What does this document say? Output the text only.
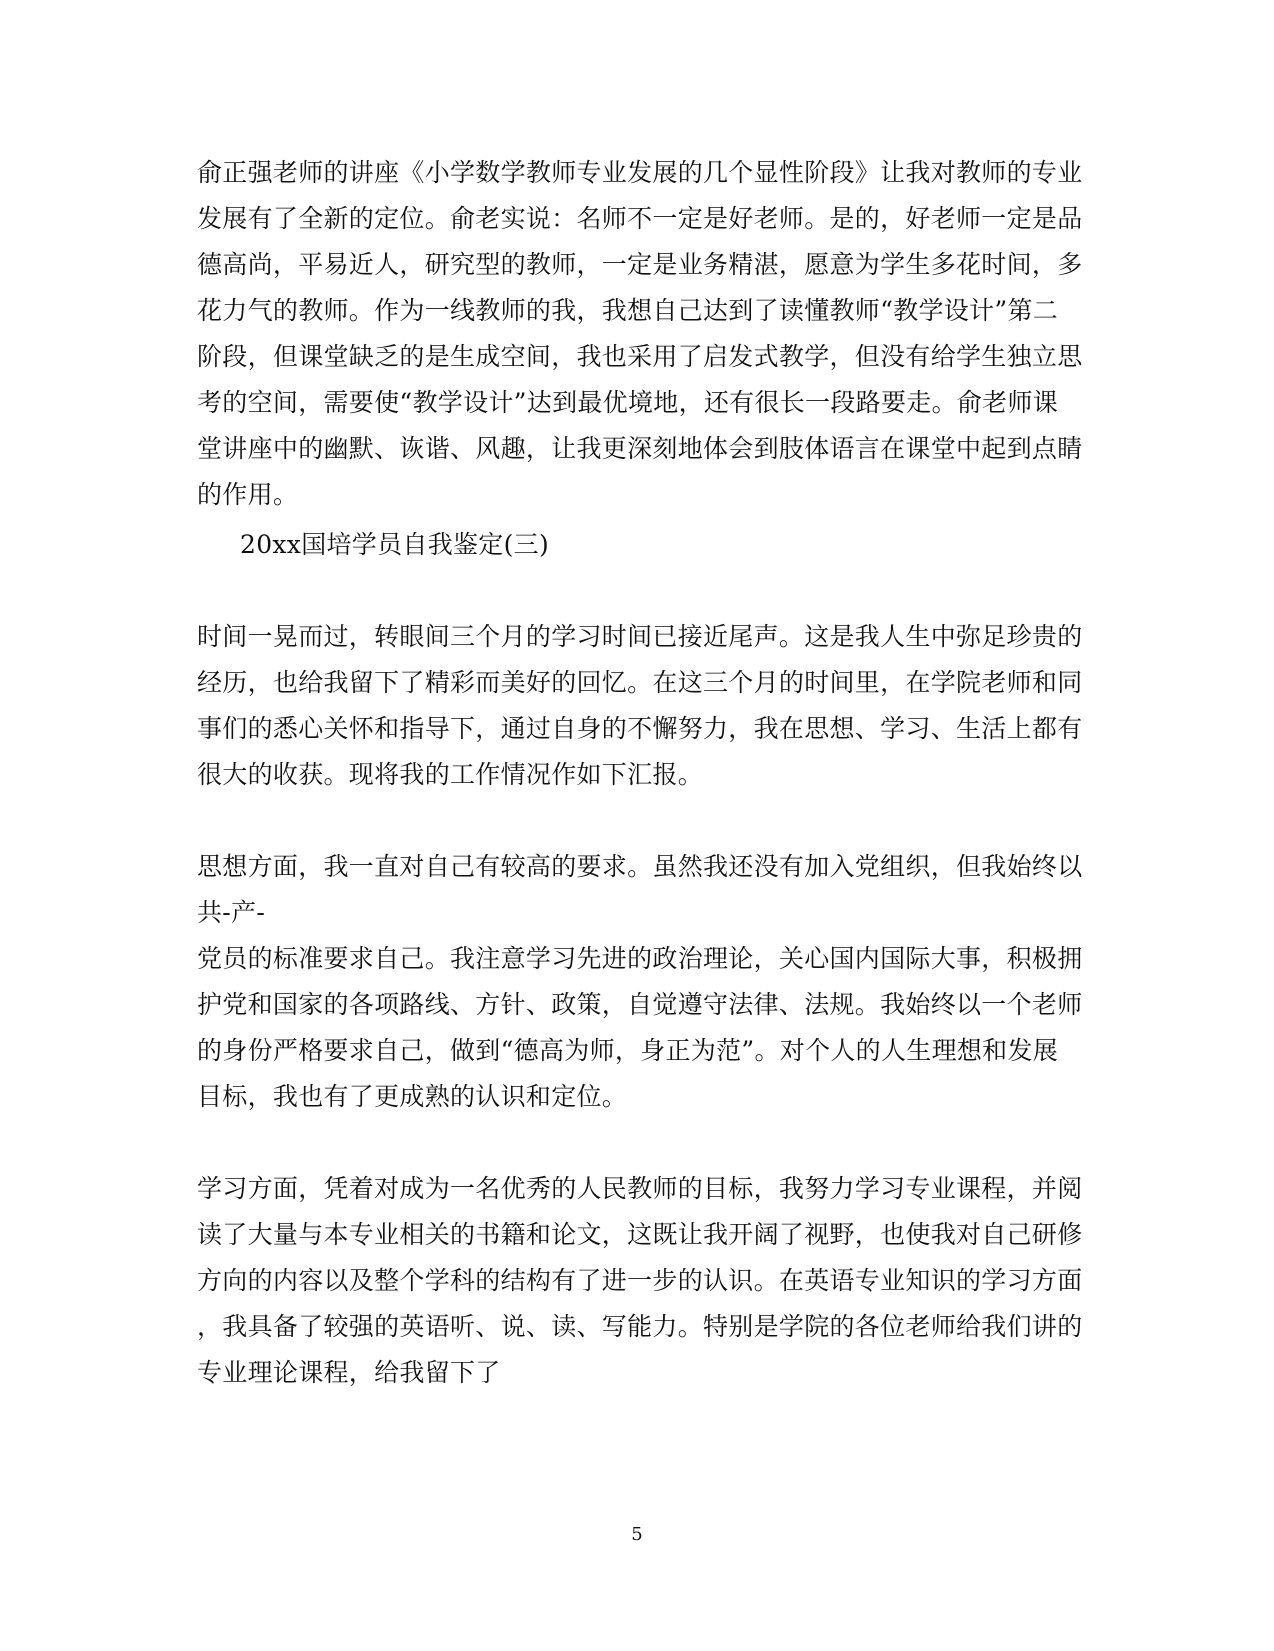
俞正强老师的讲座《小学数学教师专业发展的几个显性阶段》让我对教师的专业
发展有了全新的定位。俞老实说：名师不一定是好老师。是的，好老师一定是品
德高尚，平易近人，研究型的教师，一定是业务精湛，愿意为学生多花时间，多
花力气的教师。作为一线教师的我，我想自己达到了读懂教师“教学设计”第二
阶段，但课堂缺乏的是生成空间，我也采用了启发式教学，但没有给学生独立思
考的空间，需要使“教学设计”达到最优境地，还有很长一段路要走。俞老师课
堂讲座中的幽默、诙谐、风趣，让我更深刻地体会到肢体语言在课堂中起到点睛
的作用。
20xx国培学员自我鉴定(三)
时间一晃而过，转眼间三个月的学习时间已接近尾声。这是我人生中弥足珍贵的
经历，也给我留下了精彩而美好的回忆。在这三个月的时间里，在学院老师和同
事们的悉心关怀和指导下，通过自身的不懈努力，我在思想、学习、生活上都有
很大的收获。现将我的工作情况作如下汇报。
思想方面，我一直对自己有较高的要求。虽然我还没有加入党组织，但我始终以
共-产-
党员的标准要求自己。我注意学习先进的政治理论，关心国内国际大事，积极拥
护党和国家的各项路线、方针、政策，自觉遵守法律、法规。我始终以一个老师
的身份严格要求自己，做到“德高为师，身正为范”。对个人的人生理想和发展
目标，我也有了更成熟的认识和定位。
学习方面，凭着对成为一名优秀的人民教师的目标，我努力学习专业课程，并阅
读了大量与本专业相关的书籍和论文，这既让我开阔了视野，也使我对自己研修
方向的内容以及整个学科的结构有了进一步的认识。在英语专业知识的学习方面
，我具备了较强的英语听、说、读、写能力。特别是学院的各位老师给我们讲的
专业理论课程，给我留下了
5
